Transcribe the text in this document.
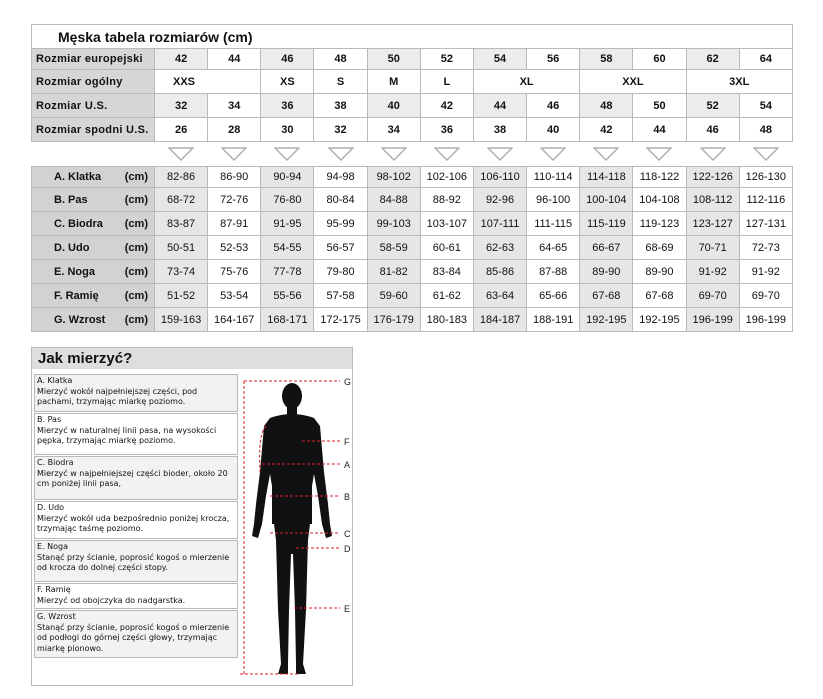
Męska tabela rozmiarów (cm)													
Rozmiar europejski	42	44	46	48	50	52	54	56	58	60	62	64	
Rozmiar ogólny	XXS		XS	S	M	L	XL		XXL		3XL	
Rozmiar U.S.	32	34	36	38	40	42	44	46	48	50	52	54	
Rozmiar spodni U.S.	26	28	30	32	34	36	38	40	42	44	46	48	

A. Klatka (cm)	82-86	86-90	90-94	94-98	98-102	102-106	106-110	110-114	114-118	118-122	122-126	126-130	
B. Pas (cm)	68-72	72-76	76-80	80-84	84-88	88-92	92-96	96-100	100-104	104-108	108-112	112-116	
C. Biodra (cm)	83-87	87-91	91-95	95-99	99-103	103-107	107-111	111-115	115-119	119-123	123-127	127-131	
D. Udo (cm)	50-51	52-53	54-55	56-57	58-59	60-61	62-63	64-65	66-67	68-69	70-71	72-73	
E. Noga (cm)	73-74	75-76	77-78	79-80	81-82	83-84	85-86	87-88	89-90	89-90	91-92	91-92	
F. Ramię (cm)	51-52	53-54	55-56	57-58	59-60	61-62	63-64	65-66	67-68	67-68	69-70	69-70	
G. Wzrost (cm)	159-163	164-167	168-171	172-175	176-179	180-183	184-187	188-191	192-195	192-195	196-199	196-199	
Jak mierzyć?
A. Klatka
Mierzyć wokół najpełniejszej części, pod pachami, trzymając miarkę poziomo.
B. Pas
Mierzyć w naturalnej linii pasa, na wysokości pępka, trzymając miarkę poziomo.
C. Biodra
Mierzyć w najpełniejszej części bioder, około 20 cm poniżej linii pasa,
D. Udo
Mierzyć wokół uda bezpośrednio poniżej krocza, trzymając taśmę poziomo.
E. Noga
Stanąć przy ścianie, poprosić kogoś o mierzenie od krocza do dolnej części stopy.
F. Ramię
Mierzyć od obojczyka do nadgarstka.
G. Wzrost
Stanąć przy ścianie, poprosić kogoś o mierzenie od podłogi do górnej części głowy, trzymając miarkę pionowo.
G
F
A
B
C
D
E
